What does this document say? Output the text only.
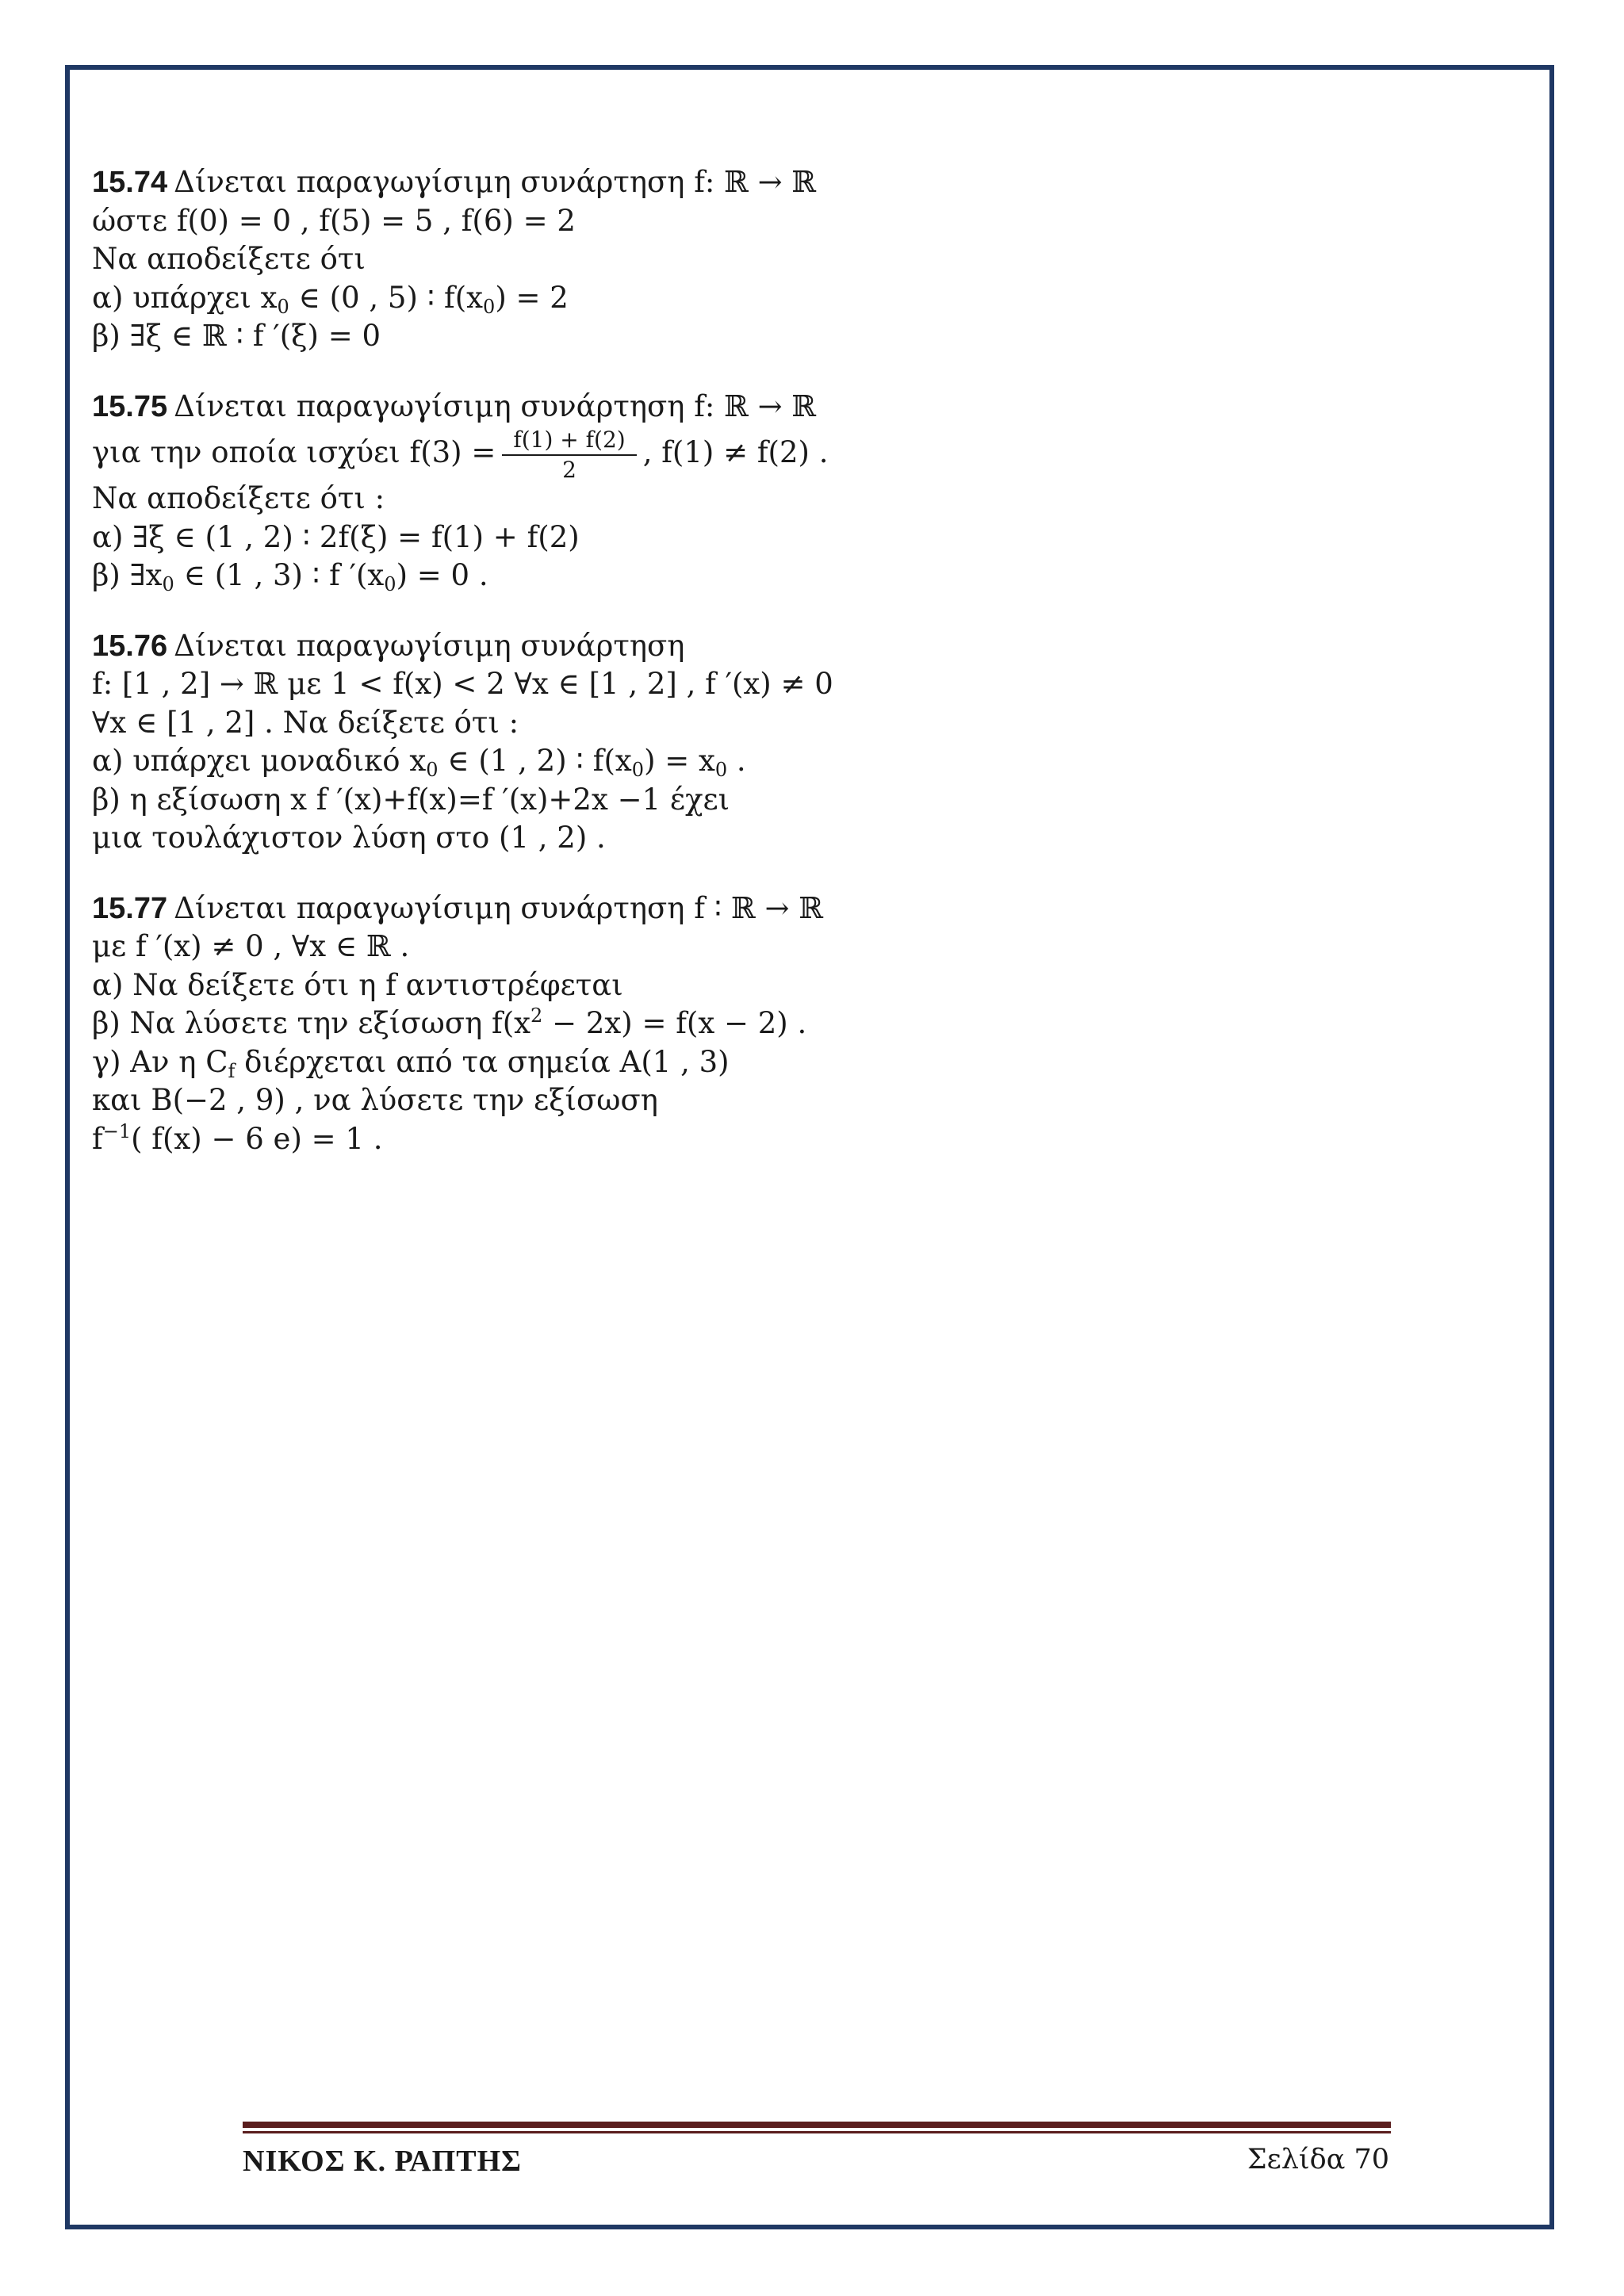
15.74 Δίνεται παραγωγίσιμη συνάρτηση f: ℝ → ℝ
ώστε f(0) = 0 , f(5) = 5 , f(6) = 2
Να αποδείξετε ότι
α) υπάρχει $x_0$ ∈ (0 , 5) ∶ $f(x_0) = 2$
β) ∃ξ ∈ ℝ ∶ f ′(ξ) = 0
15.75 Δίνεται παραγωγίσιμη συνάρτηση f: ℝ → ℝ
για την οποία ισχύει $f(3) = \frac{f(1) + f(2)}{2}$ , f(1) ≠ f(2) .
Να αποδείξετε ότι :
α) ∃ξ ∈ (1 , 2) ∶ 2f(ξ) = f(1) + f(2)
β) $\exists x_0$ ∈ (1 , 3) ∶ f $'(x_0) = 0$ .
15.76 Δίνεται παραγωγίσιμη συνάρτηση
f: [1 , 2] → ℝ με 1 < f(x) < 2 ∀x ∈ [1 , 2] , f ′(x) ≠ 0
∀x ∈ [1 , 2] . Να δείξετε ότι :
α) υπάρχει μοναδικό $x_0$ ∈ (1 , 2) ∶ $f(x_0) = x_0$ .
β) η εξίσωση x f ′(x)+f(x)=f ′(x)+2x −1 έχει
μια τουλάχιστον λύση στο (1 , 2) .
15.77 Δίνεται παραγωγίσιμη συνάρτηση f ∶ ℝ → ℝ
με f ′(x) ≠ 0 , ∀x ∈ ℝ .
α) Να δείξετε ότι η f αντιστρέφεται
β) Να λύσετε την εξίσωση $f(x^2 - 2x) = f(x - 2)$ .
γ) Αν η $C_f$ διέρχεται από τα σημεία Α(1 , 3)
και Β(−2 , 9) , να λύσετε την εξίσωση
$f^{-1}$( f(x) − 6 e) = 1 .
ΝΙΚΟΣ Κ. ΡΑΠΤΗΣ	Σελίδα 70
